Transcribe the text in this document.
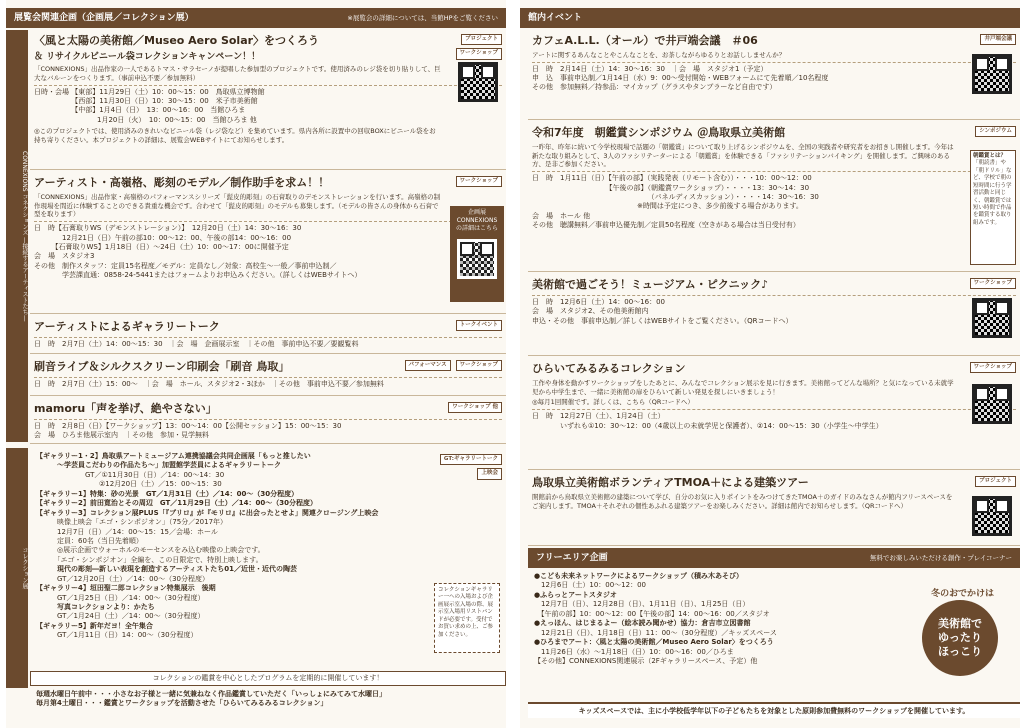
展覧会関連企画（企画展／コレクション展）	※展覧会の詳細については、当館HPをご覧ください
CONNEXIONS コネクションズ ―接続するアーティストたち―
プロジェクト
ワークショップ
〈風と太陽の美術館／Museo Aero Solar〉をつくろう
＆ リサイクルビニール袋コレクションキャンペーン！！
「CONNEXIONS」出品作家の一人であるトマス・サラセーノが提唱した参加型のプロジェクトです。使用済みのレジ袋を切り貼りして、巨大なバルーンをつくります。（事前申込不要／参加無料）
日時・会場 【東部】11月29日（土）10：00～15：00　鳥取県立博物館
　　　　　 【西部】11月30日（日）10：30～15：00　米子市美術館
　　　　　 【中部】1月4日（日）　13：00～16：00　当館ひろま
　　　　　　　　　1月20日（火）　10：00～15：00　当館ひろま 他
◎このプロジェクトでは、使用済みのきれいなビニール袋（レジ袋など）を集めています。県内各所に設置中の回収BOXにビニール袋をお持ち寄りください。本プロジェクトの詳細は、展覧会WEBサイトにてお知らせします。
ワークショップ
企画展
CONNEXIONS
の詳細はこちら
アーティスト・高嶺格、彫刻のモデル／制作助手を求ム！！
「CONNEXIONS」出品作家・高嶺格のパフォーマンスシリーズ「髭皮的彫刻」の石膏取りのデモンストレーションを行います。高嶺格の制作現場を間近に体験することのできる貴重な機会です。合わせて「髭皮的彫刻」のモデルも募集します。（モデルの皆さんの身体から石膏で型を取ります）
日　時【石膏取りWS（デモンストレーション）】　12月20日（土）14：30～16：30
　　　　12月21日（日）午前の部10：00～12：00、午後の部14：00～16：00
　　　【石膏取りWS】1月18日（日）～24日（土）10：00～17：00に開催予定
会　場　スタジオ3
その他　制作スタッフ：定員15名程度／モデル：定員なし／対象：高校生～一般／事前申込制／
　　　　学芸課直通：0858-24-5441またはフォームよりお申込みください。（詳しくはWEBサイトへ）
トークイベント
アーティストによるギャラリートーク
日　時　2月7日（土）14：00～15：30　｜会　場　企画展示室　｜その他　事前申込不要／要観覧料
パフォーマンス	ワークショップ
刷音ライブ＆シルクスクリーン印刷会「刷音 鳥取」
日　時　2月7日（土）15：00～　｜会　場　ホール、スタジオ2・3ほか　｜その他　事前申込不要／参加無料
ワークショップ 他
mamoru「声を挙げ、絶やさない」
日　時　2月8日（日）【ワークショップ】13：00～14：00【公開セッション】15：00～15：30
会　場　ひろま他展示室内　｜その他　参加・見学無料
コレクション展
GT:ギャラリートーク
上映会
【ギャラリー1・2】鳥取県アートミュージアム連携協議会共同企画展「もっと推したい
　　　～学芸員こだわりの作品たち～」加盟館学芸員によるギャラリートーク
　　　　　　　GT／①11月30日（日）／14：00～14：30
　　　　　　　　　②12月20日（土）／15：00～15：30
【ギャラリー1】特集：砂の光景　GT／1月31日（土）／14：00～（30分程度）
【ギャラリー2】前田寛治とその周辺　GT／11月29日（土）／14：00～（30分程度）
【ギャラリー3】コレクション展PLUS「『ブリロ』が『モリロ』に出会ったとせよ」関連クロージング上映会
　　　映像上映会「エゴ・シンポジオン」（75分／2017年）
　　　12月7日（日）／14：00～15：15／会場：ホール
　　　定員：60名（当日先着順）
　　　◎展示企画でウォーホルのモーセンスをみ込む映像の上映会です。
　　　「エゴ・シンポジオン」全編を、この日限定で、特別上映します。
　　　現代の彫刻―新しい表現を創造するアーティストたち01／近世・近代の陶芸
　　　GT／12月20日（土）／14：00～（30分程度）
【ギャラリー4】垣田聖二郎コレクション特集展示　後期
　　　GT／1月25日（日）／14：00～（30分程度）
　　　写真コレクションより：かたち
　　　GT／1月24日（土）／14：00～（30分程度）
【ギャラリー5】新年だヨ！全午集合
　　　GT／1月11日（日）14：00～（30分程度）
コレクションギャラリー一への入場および企画展示室入場の際、展示室入場用リストバンドが必要です。受付でお買い求めの上、ご参加ください。
コレクションの鑑賞を中心としたプログラムを定期的に開催しています！
毎週水曜日午前中・・・小さなお子様と一緒に気兼ねなく作品鑑賞していただく「いっしょにみてみて水曜日」
毎月第4土曜日・・・鑑賞とワークショップを活動させた「ひらいてみるみるコレクション」
館内イベント
井戸端会議
カフェA.L.L.（オール）で井戸端会議　＃06
アートに関するあんなことやこんなことを、お茶しながらゆるりとお話ししませんか？
日　時　2月14日（土）14：30～16：30　｜会　場　スタジオ1（予定）
申　込　事前申込制／1月14日（水）9：00～受付開始・WEBフォームにて先着順／10名程度
その他　参加無料／持参品：マイカップ（グラスやタンブラーなど自由です）
シンポジウム
朝鑑賞とは？
「朝読書」や「朝ドリル」など、学校で朝の短時間に行う学習活動と同じく、朝鑑賞では短い時間で作品を鑑賞する取り組みです。
令和7年度　朝鑑賞シンポジウム ＠鳥取県立美術館
一昨年、昨年に続いて今学校現場で話題の「朝鑑賞」について取り上げるシンポジウムを、全国の実践者や研究者をお招きし開催します。今年は新たな取り組みとして、3人のファシリテーターによる「朝鑑賞」を体験できる「ファシリテーションバイキング」を開催します。ご興味のある方、是非ご参加ください。
日　時　1月11日（日）【午前の部】（実践発表（リモート含む））・・・10：00～12：00
　　　　　　　　　　　【午後の部】（朝鑑賞ワークショップ）・・・・13：30～14：30
　　　　　　　　　　　　　　　　　（パネルディスカッション）・・・・14：30～16：30
　　　　　　　　　　　　　　　※時間は予定につき、多少前後する場合があります。
会　場　ホール 他
その他　聴講無料／事前申込優先制／定員50名程度（空きがある場合は当日受付有）
ワークショップ
美術館で過ごそう！ミュージアム・ピクニック♪
日　時　12月6日（土）14：00～16：00
会　場　スタジオ2、その他美術館内
申込・その他　事前申込制／詳しくはWEBサイトをご覧ください。（QRコードへ）
ワークショップ
ひらいてみるみるコレクション
工作や身体を動かすワークショップをしたあとに、みんなでコレクション展示を見に行きます。美術館ってどんな場所？と気になっている未就学児から中学生まで、一緒に美術館の扉をひらいて新しい発見を探しにいきましょう！
◎毎月1回開催です。詳しくは、こちら（QRコードへ）
日　時　12月27日（土）、1月24日（土）
　　　　いずれも①10：30～12：00（4歳以上の未就学児と保護者）、②14：00～15：30（小学生～中学生）
プロジェクト
鳥取県立美術館ボランティアTMOA＋による建築ツアー
開館前から鳥取県立美術館の建築について学び、自分のお気に入りポイントをみつけてきたTMOA＋のガイドのみなさんが館内フリースペースをご案内します。TMOA＋それぞれの個性あふれる建築ツアーをお楽しみください。詳細は館内でお知らせします。（QRコードへ）
フリーエリア企画	無料でお楽しみいただける創作・プレイコーナー
●こども未来ネットワークによるワークショップ（積み木あそび）
　12月6日（土）10：00～12：00
●ふらっとアートスタジオ
　12月7日（日）、12月28日（日）、1月11日（日）、1月25日（日）
　【午前の部】10：00～12：00【午後の部】14：00～16：00／スタジオ
●えっほん、はじまるよー（絵本読み聞かせ）協力：倉吉市立図書館
　12月21日（日）、1月18日（日）11：00～（30分程度）／キッズスペース
●ひろまでアート：〈風と太陽の美術館／Museo Aero Solar〉をつくろう
　11月26日（水）～1月18日（日）10：00～16：00／ひろま
【その他】CONNEXIONS関連展示（2Fギャラリースペース、予定）他
冬のおでかけは
美術館で
ゆったり
ほっこり
キッズスペースでは、主に小学校低学年以下の子どもたちを対象とした原則参加費無料のワークショップを開催しています。
